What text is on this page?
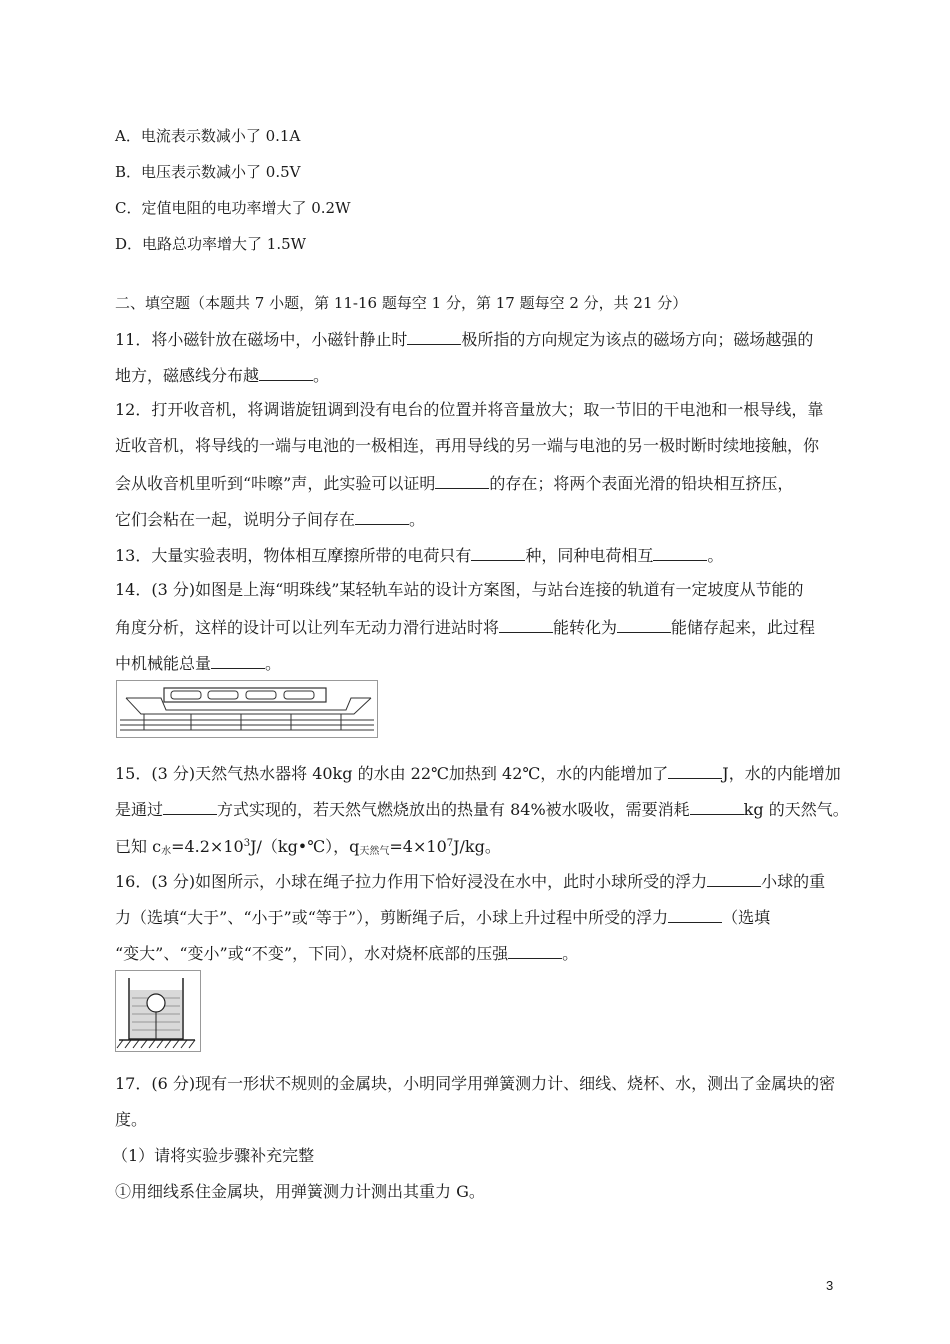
A．电流表示数减小了 0.1A
B．电压表示数减小了 0.5V
C．定值电阻的电功率增大了 0.2W
D．电路总功率增大了 1.5W
二、填空题（本题共 7 小题，第 11-16 题每空 1 分，第 17 题每空 2 分，共 21 分）
11．将小磁针放在磁场中，小磁针静止时	极所指的方向规定为该点的磁场方向；磁场越强的
地方，磁感线分布越	。
12．打开收音机，将调谐旋钮调到没有电台的位置并将音量放大；取一节旧的干电池和一根导线，靠
近收音机，将导线的一端与电池的一极相连，再用导线的另一端与电池的另一极时断时续地接触，你
会从收音机里听到“咔嚓”声，此实验可以证明	的存在；将两个表面光滑的铅块相互挤压，
它们会粘在一起，说明分子间存在	。
13．大量实验表明，物体相互摩擦所带的电荷只有	种，同种电荷相互	。
14．(3 分)如图是上海“明珠线”某轻轨车站的设计方案图，与站台连接的轨道有一定坡度从节能的
角度分析，这样的设计可以让列车无动力滑行进站时将	能转化为	能储存起来，此过程
中机械能总量	。
15．(3 分)天然气热水器将 40kg 的水由 22℃加热到 42℃，水的内能增加了	J，水的内能增加
是通过	方式实现的，若天然气燃烧放出的热量有 84%被水吸收，需要消耗	kg 的天然气。
已知 $c_水=4.2\times 10^3J/(kg•℃)$，$q_{天然气}=4\times 10^7J/kg$。
16．(3 分)如图所示，小球在绳子拉力作用下恰好浸没在水中，此时小球所受的浮力	小球的重
力（选填“大于”、“小于”或“等于”），剪断绳子后，小球上升过程中所受的浮力	（选填
“变大”、“变小”或“不变”，下同），水对烧杯底部的压强	。
17．(6 分)现有一形状不规则的金属块，小明同学用弹簧测力计、细线、烧杯、水，测出了金属块的密
度。
（1）请将实验步骤补充完整
①用细线系住金属块，用弹簧测力计测出其重力 G。
3
